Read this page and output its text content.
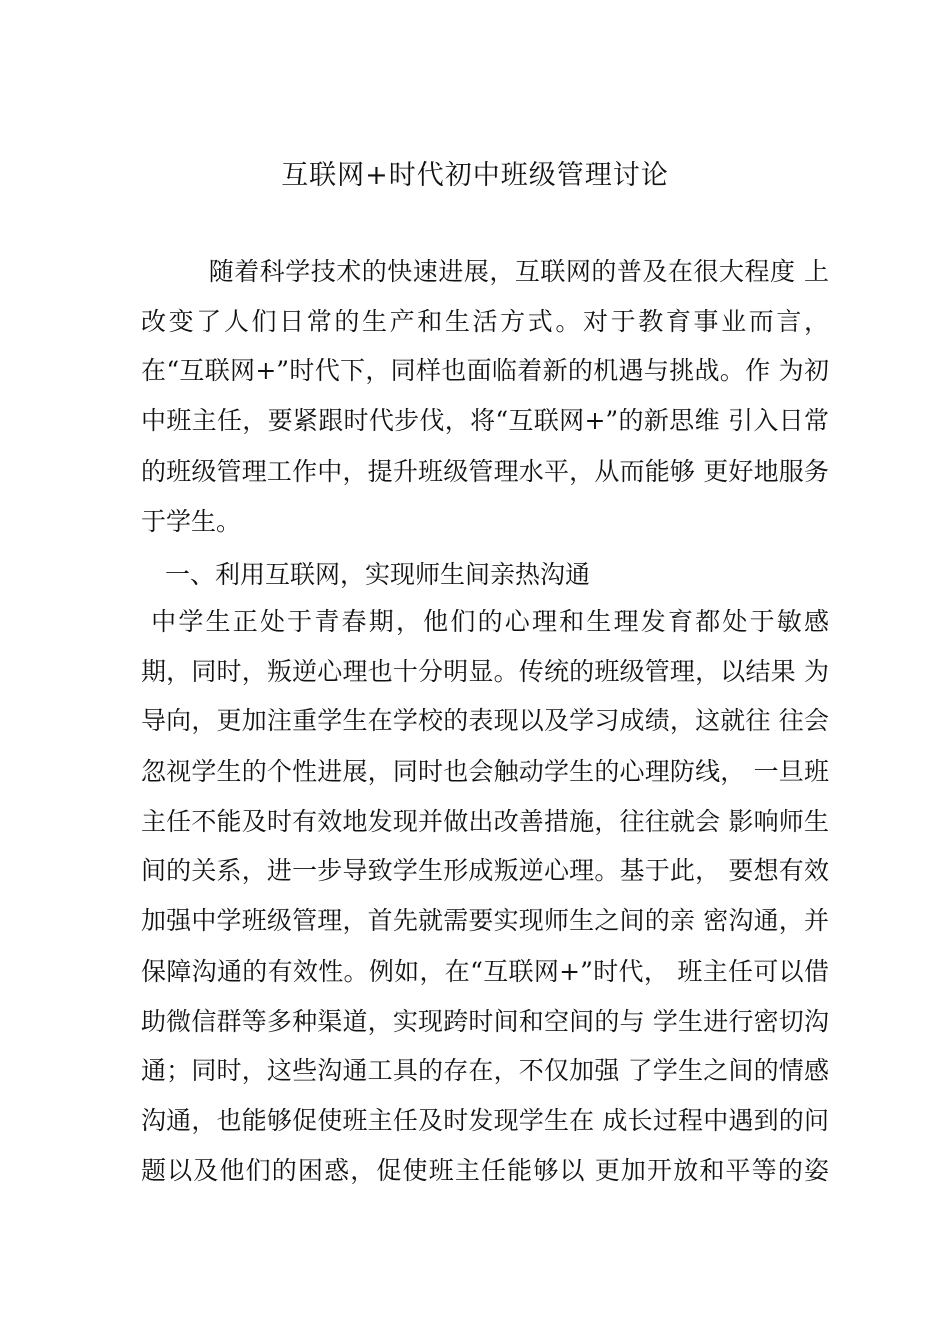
互联网+时代初中班级管理讨论
随着科学技术的快速进展，互联网的普及在很大程度 上
改变了人们日常的生产和生活方式。对于教育事业而言，
在“互联网+”时代下，同样也面临着新的机遇与挑战。作 为初
中班主任，要紧跟时代步伐，将“互联网+”的新思维 引入日常
的班级管理工作中，提升班级管理水平，从而能够 更好地服务
于学生。
一、利用互联网，实现师生间亲热沟通
中学生正处于青春期，他们的心理和生理发育都处于敏感
期，同时，叛逆心理也十分明显。传统的班级管理，以结果 为
导向，更加注重学生在学校的表现以及学习成绩，这就往 往会
忽视学生的个性进展，同时也会触动学生的心理防线， 一旦班
主任不能及时有效地发现并做出改善措施，往往就会 影响师生
间的关系，进一步导致学生形成叛逆心理。基于此， 要想有效
加强中学班级管理，首先就需要实现师生之间的亲 密沟通，并
保障沟通的有效性。例如，在“互联网+”时代， 班主任可以借
助微信群等多种渠道，实现跨时间和空间的与 学生进行密切沟
通；同时，这些沟通工具的存在，不仅加强 了学生之间的情感
沟通，也能够促使班主任及时发现学生在 成长过程中遇到的问
题以及他们的困惑，促使班主任能够以 更加开放和平等的姿
